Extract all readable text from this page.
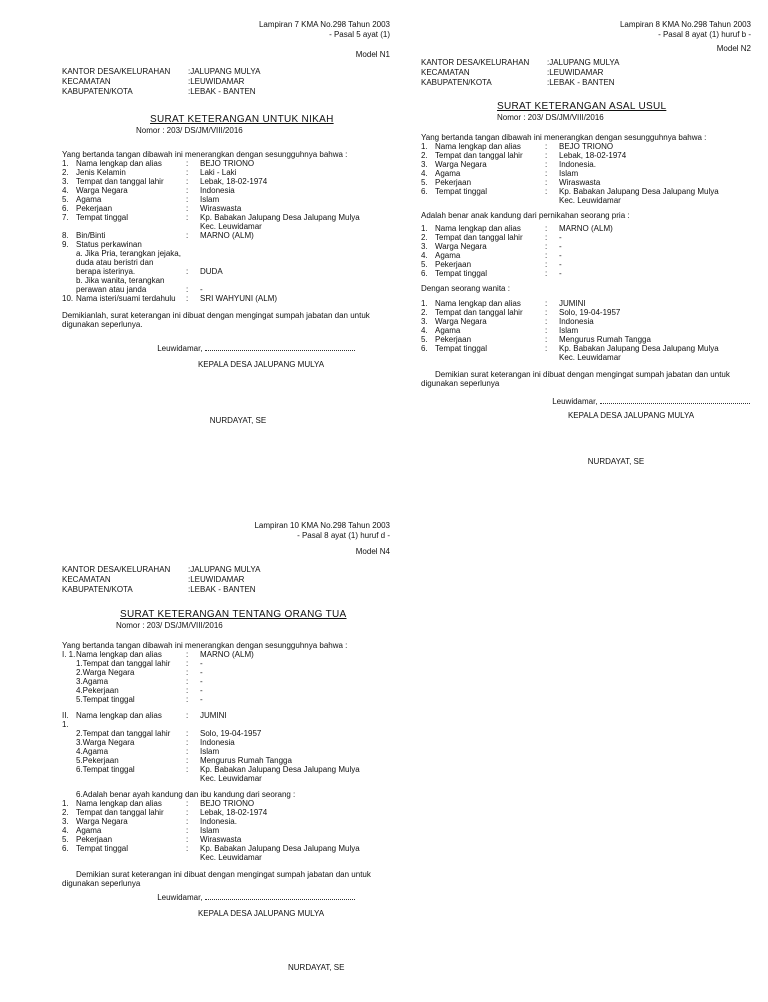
Lampiran 7 KMA No.298 Tahun 2003
- Pasal 5 ayat (1)
Model N1
KANTOR DESA/KELURAHAN	:JALUPANG MULYA
KECAMATAN	:LEUWIDAMAR
KABUPATEN/KOTA	:LEBAK - BANTEN
SURAT KETERANGAN UNTUK NIKAH
Nomor : 203/ DS/JM/VIII/2016
Yang bertanda tangan dibawah ini menerangkan dengan sesungguhnya bahwa :
1. Nama lengkap dan alias	:	BEJO TRIONO
2. Jenis Kelamin	:	Laki - Laki
3. Tempat dan tanggal lahir	:	Lebak, 18-02-1974
4. Warga Negara	:	Indonesia
5. Agama	:	Islam
6. Pekerjaan	:	Wiraswasta
7. Tempat tinggal	:	Kp. Babakan Jalupang Desa Jalupang Mulya
Kec. Leuwidamar
8. Bin/Binti	:	MARNO (ALM)
9. Status perkawinan
a. Jika Pria, terangkan jejaka,
duda atau beristri dan
berapa isterinya.	:	DUDA
b. Jika wanita, terangkan
perawan atau janda	:	-
10. Nama isteri/suami terdahulu	:	SRI WAHYUNI (ALM)
Demikianlah, surat keterangan ini dibuat dengan mengingat sumpah jabatan dan untuk digunakan seperlunya.
Leuwidamar,
KEPALA DESA JALUPANG MULYA
NURDAYAT, SE
Lampiran 8 KMA No.298 Tahun 2003
- Pasal 8 ayat (1) huruf b -
Model N2
KANTOR DESA/KELURAHAN	:JALUPANG MULYA
KECAMATAN	:LEUWIDAMAR
KABUPATEN/KOTA	:LEBAK - BANTEN
SURAT KETERANGAN ASAL USUL
Nomor : 203/ DS/JM/VIII/2016
Yang bertanda tangan dibawah ini menerangkan dengan sesungguhnya bahwa :
1. Nama lengkap dan alias	:	BEJO TRIONO
2. Tempat dan tanggal lahir	:	Lebak, 18-02-1974
3. Warga Negara	:	Indonesia.
4. Agama	:	Islam
5. Pekerjaan	:	Wiraswasta
6. Tempat tinggal	:	Kp. Babakan Jalupang Desa Jalupang Mulya
Kec. Leuwidamar
Adalah benar anak kandung dari pernikahan seorang pria :
1. Nama lengkap dan alias	:	MARNO (ALM)
2. Tempat dan tanggal lahir	:	-
3. Warga Negara	:	-
4. Agama	:	-
5. Pekerjaan	:	-
6. Tempat tinggal	:	-
Dengan seorang wanita :
1. Nama lengkap dan alias	:	JUMINI
2. Tempat dan tanggal lahir	:	Solo, 19-04-1957
3. Warga Negara	:	Indonesia
4. Agama	:	Islam
5. Pekerjaan	:	Mengurus Rumah Tangga
6. Tempat tinggal	:	Kp. Babakan Jalupang Desa Jalupang Mulya
Kec. Leuwidamar
Demikian surat keterangan ini dibuat dengan mengingat sumpah jabatan dan untuk digunakan seperlunya
Leuwidamar,
KEPALA DESA JALUPANG MULYA
NURDAYAT, SE
Lampiran 10 KMA No.298 Tahun 2003
- Pasal 8 ayat (1) huruf d -
Model N4
KANTOR DESA/KELURAHAN	:JALUPANG MULYA
KECAMATAN	:LEUWIDAMAR
KABUPATEN/KOTA	:LEBAK - BANTEN
SURAT KETERANGAN TENTANG ORANG TUA
Nomor : 203/ DS/JM/VIII/2016
Yang bertanda tangan dibawah ini menerangkan dengan sesungguhnya bahwa :
I. 1. Nama lengkap dan alias	:	MARNO (ALM)
1.Tempat dan tanggal lahir	:	-
2.Warga Negara	:	-
3.Agama	:	-
4.Pekerjaan	:	-
5.Tempat tinggal	:	-
II. 1.
Nama lengkap dan alias	:	JUMINI
2.Tempat dan tanggal lahir	:	Solo, 19-04-1957
3.Warga Negara	:	Indonesia
4.Agama	:	Islam
5.Pekerjaan	:	Mengurus Rumah Tangga
6.Tempat tinggal	:	Kp. Babakan Jalupang Desa Jalupang Mulya
Kec. Leuwidamar
6.Adalah benar ayah kandung dan ibu kandung dari seorang :
1. Nama lengkap dan alias	:	BEJO TRIONO
2. Tempat dan tanggal lahir	:	Lebak, 18-02-1974
3. Warga Negara	:	Indonesia.
4. Agama	:	Islam
5. Pekerjaan	:	Wiraswasta
6. Tempat tinggal	:	Kp. Babakan Jalupang Desa Jalupang Mulya
Kec. Leuwidamar
Demikian surat keterangan ini dibuat dengan mengingat sumpah jabatan dan untuk digunakan seperlunya
Leuwidamar,
KEPALA DESA JALUPANG MULYA
NURDAYAT, SE
